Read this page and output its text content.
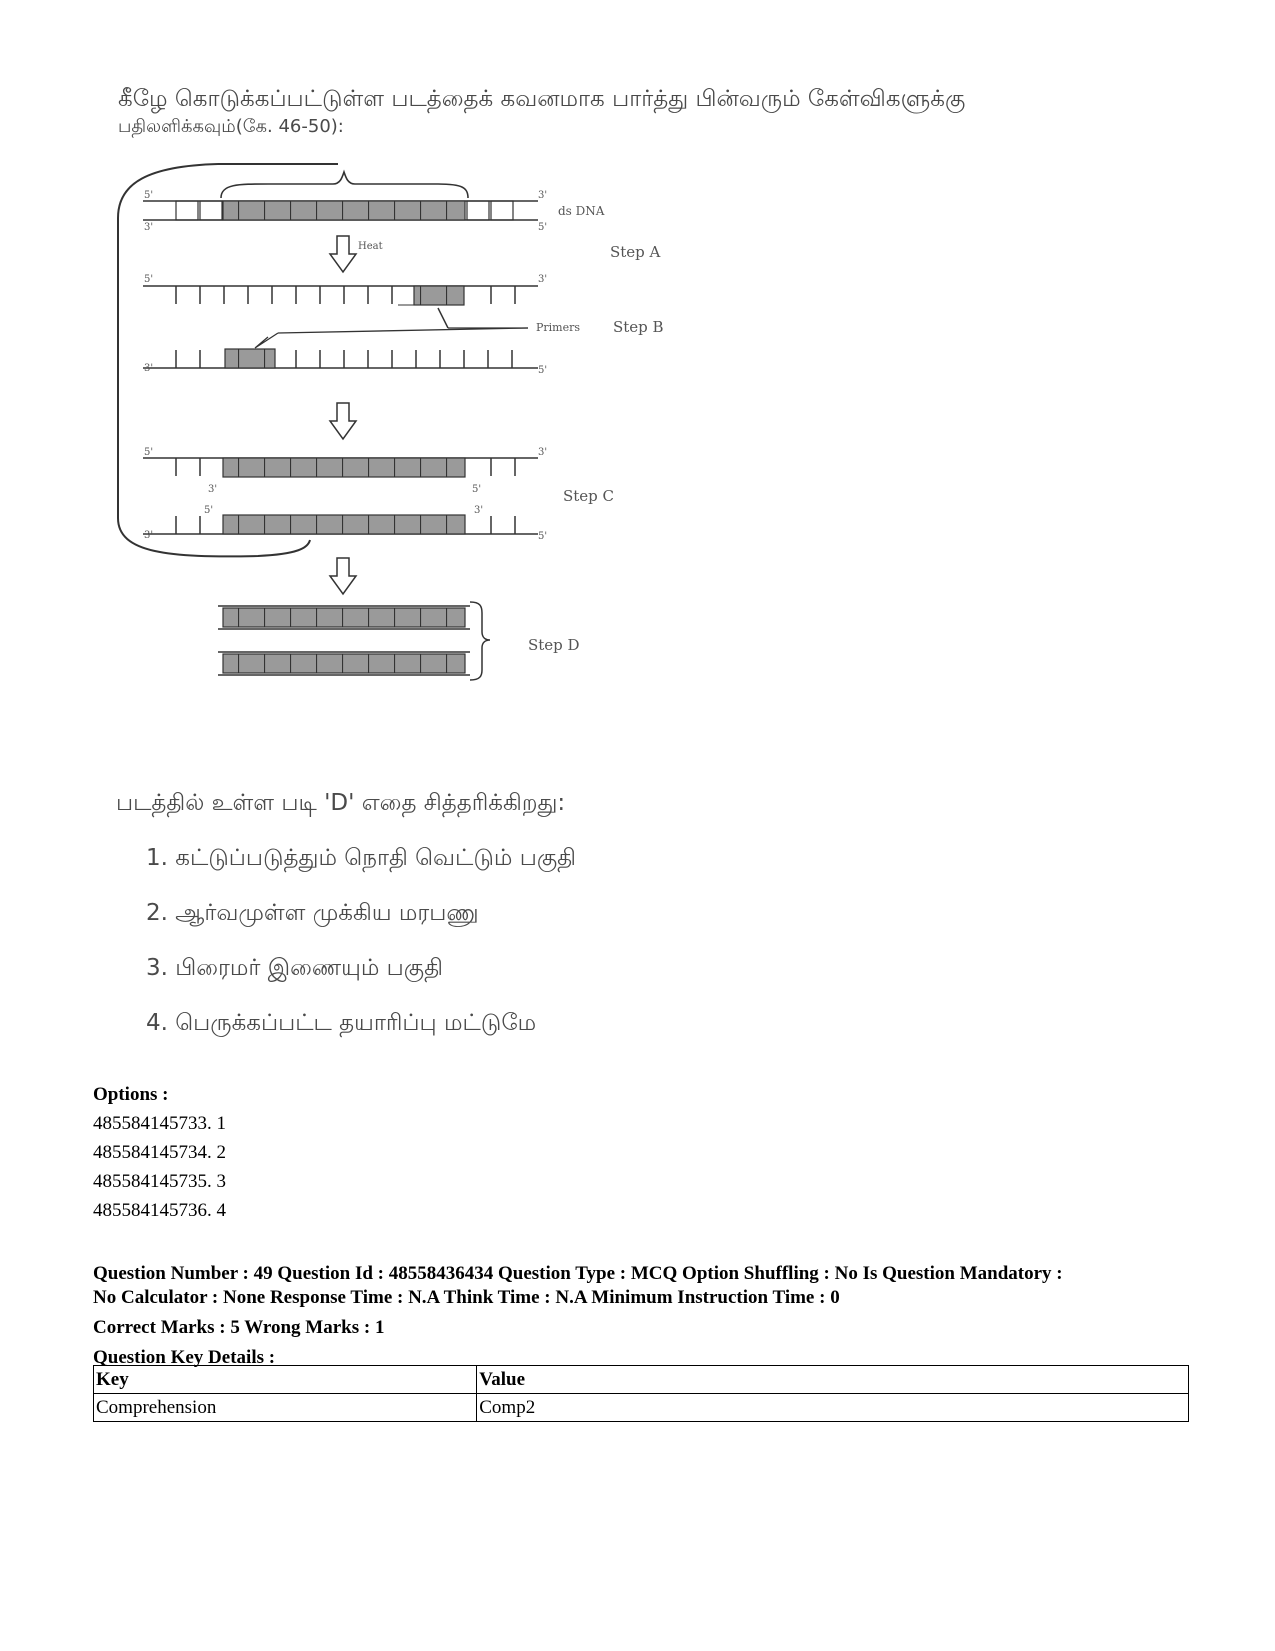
கீழே கொடுக்கப்பட்டுள்ள படத்தைக் கவனமாக பார்த்து பின்வரும் கேள்விகளுக்கு
பதிலளிக்கவும்(கே. 46-50):
5'	3'
3'	5'
ds DNA
Step A
Heat
5'	3'
Primers Step B
3'	5'
5'	3'
3'	5'	Step C
5'	3'
3'	5'
Step D
படத்தில் உள்ள படி 'D' எதை சித்தரிக்கிறது:
1. கட்டுப்படுத்தும் நொதி வெட்டும் பகுதி
2. ஆர்வமுள்ள முக்கிய மரபணு
3. பிரைமர் இணையும் பகுதி
4. பெருக்கப்பட்ட தயாரிப்பு மட்டுமே
Options :
485584145733. 1
485584145734. 2
485584145735. 3
485584145736. 4

Question Number : 49 Question Id : 48558436434 Question Type : MCQ Option Shuffling : No Is Question Mandatory :

No Calculator : None Response Time : N.A Think Time : N.A Minimum Instruction Time : 0

Correct Marks : 5 Wrong Marks : 1

Question Key Details :

Key	Value
Comprehension	Comp2
